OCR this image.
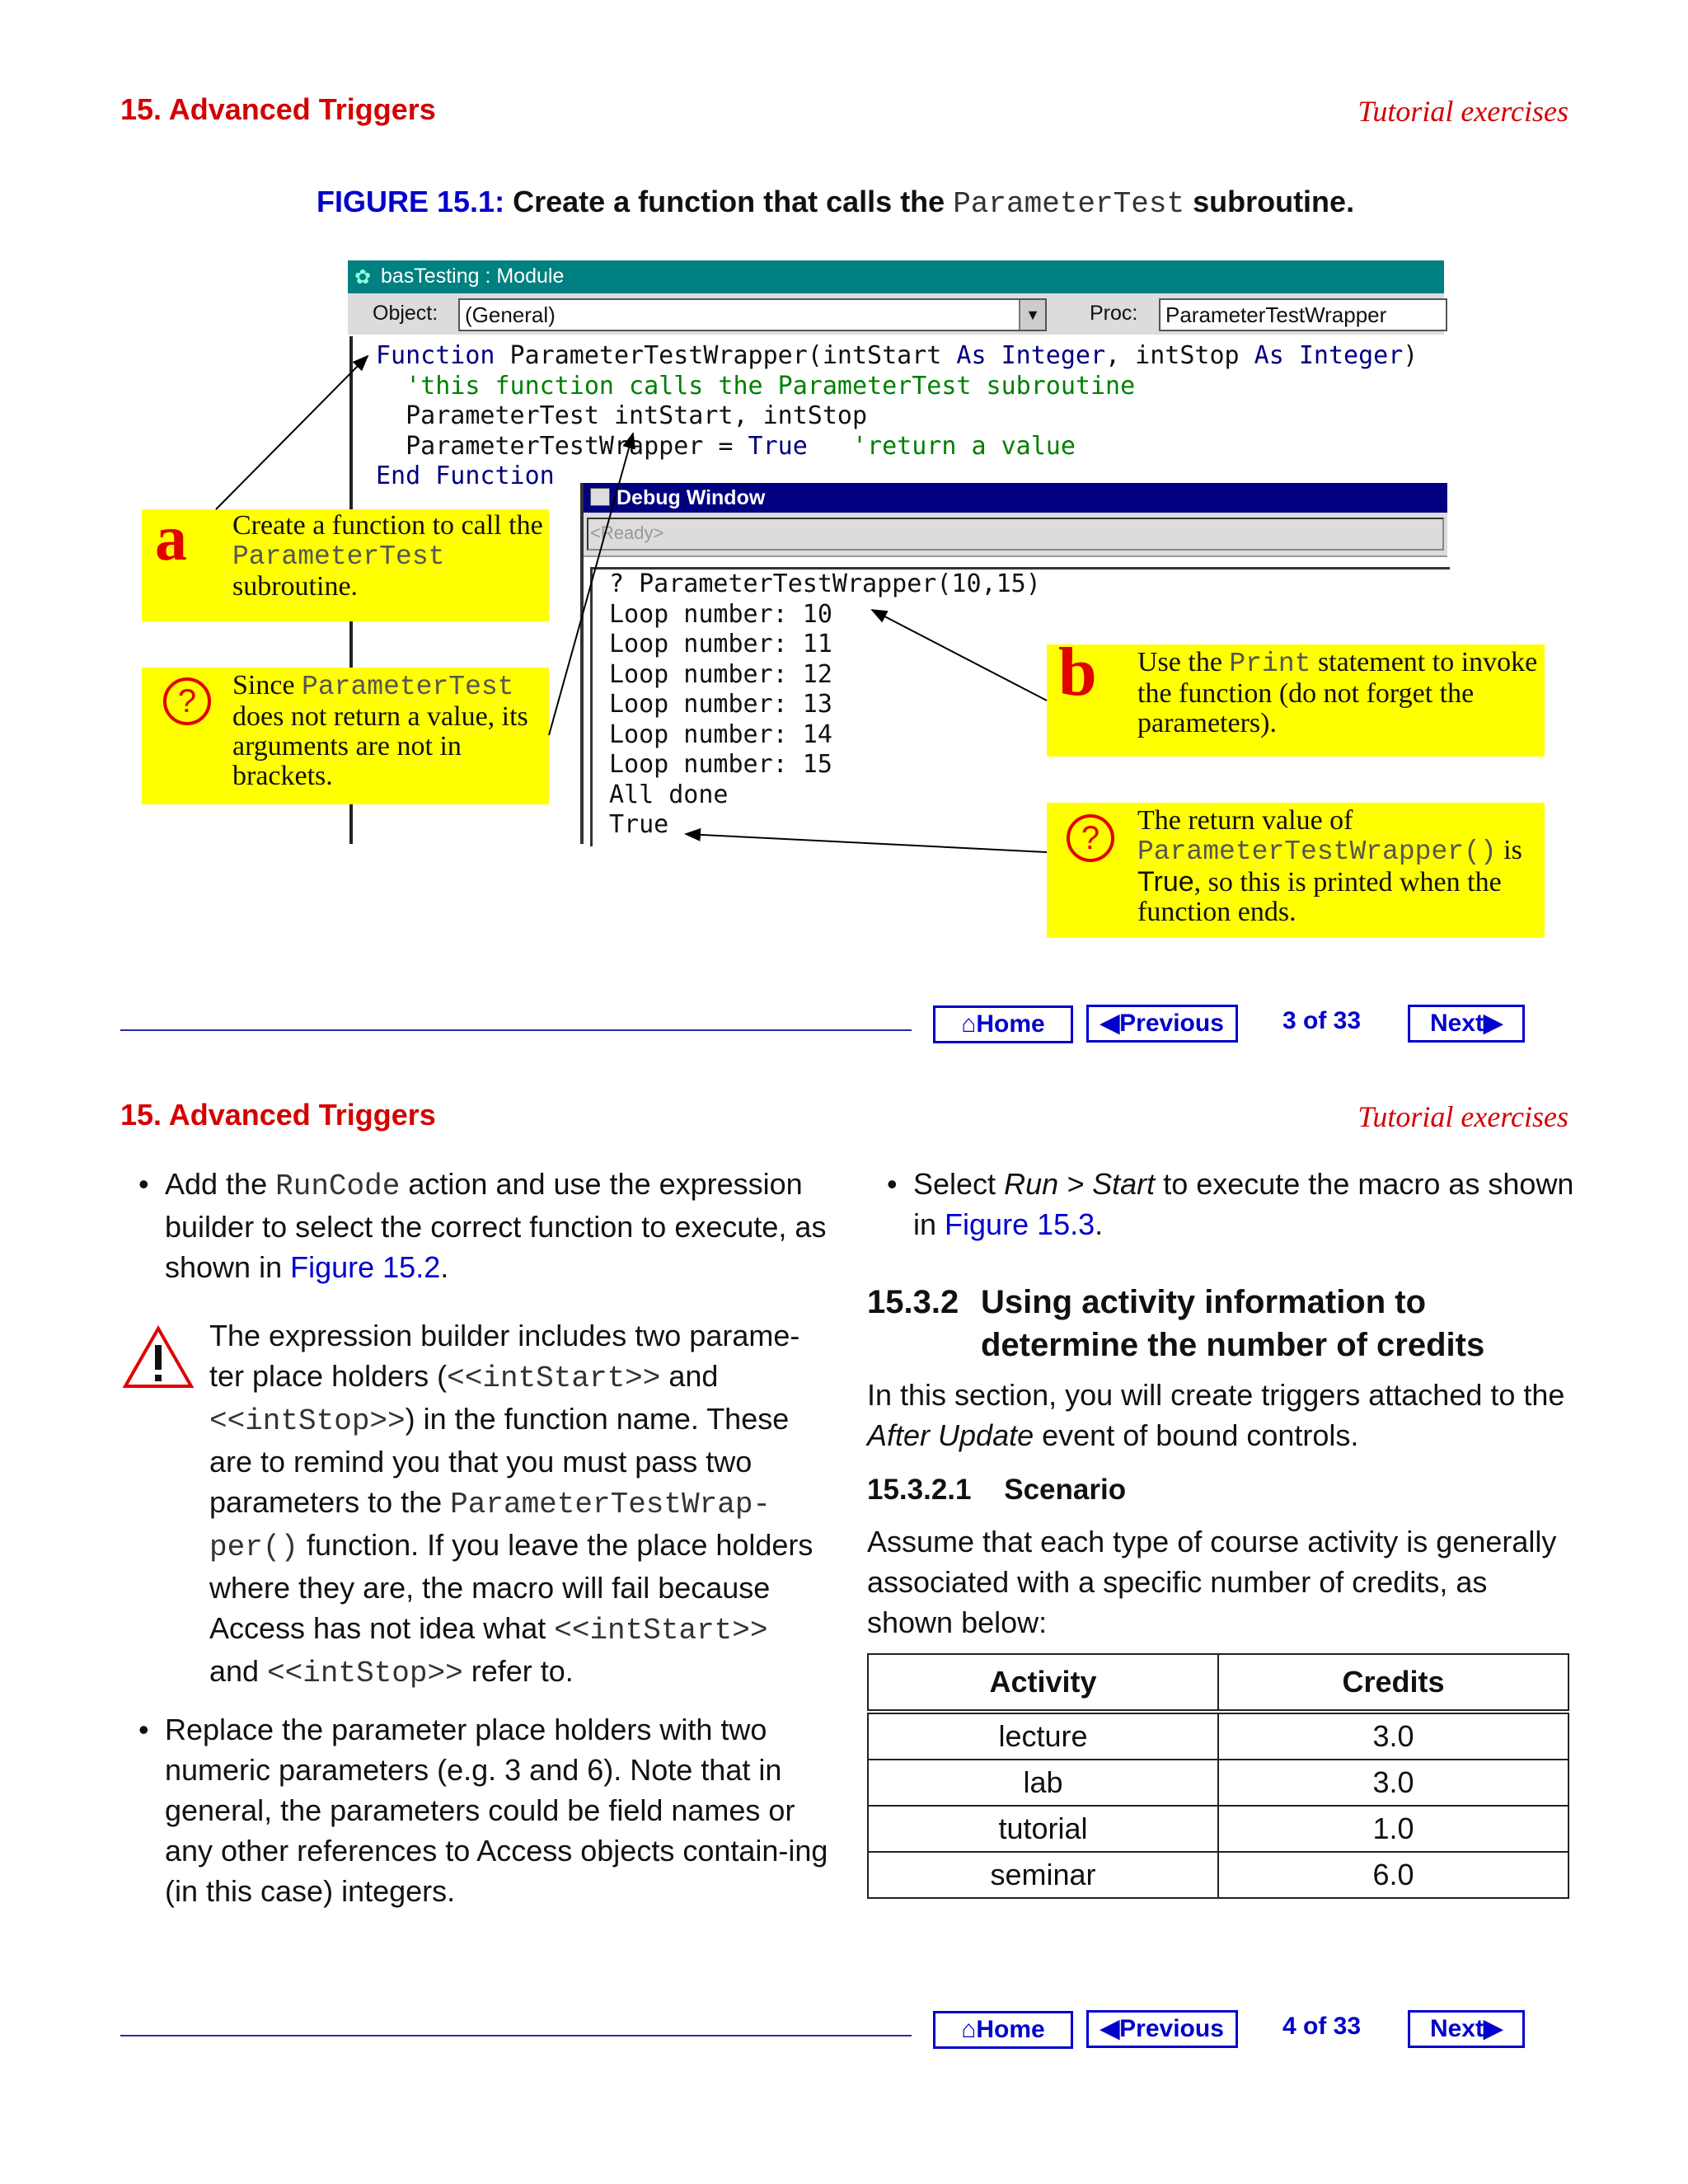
15. Advanced Triggers	Tutorial exercises
FIGURE 15.1: Create a function that calls the ParameterTest subroutine.
✿ basTesting : Module
Object: (General)	▼ Proc: ParameterTestWrapper
Function ParameterTestWrapper(intStart As Integer, intStop As Integer)
'this function calls the ParameterTest subroutine
ParameterTest intStart, intStop
ParameterTestWrapper = True   'return a value
End Function
Debug Window
<Ready>
? ParameterTestWrapper(10,15)
Loop number: 10
Loop number: 11
Loop number: 12
Loop number: 13
Loop number: 14
Loop number: 15
All done
True
a Create a function to call the ParameterTest subroutine.
?	Since ParameterTest does not return a value, its arguments are not in brackets.
b Use the Print statement to invoke the function (do not forget the parameters).
?	The return value of ParameterTestWrapper() is True, so this is printed when the function ends.
⌂Home	◀Previous	3 of 33	Next▶
15. Advanced Triggers	Tutorial exercises
• Add the RunCode action and use the expression builder to select the correct function to execute, as shown in Figure 15.2.
The expression builder includes two parame-ter place holders (<<intStart>> and <<intStop>>) in the function name. These are to remind you that you must pass two parameters to the ParameterTestWrap-per() function. If you leave the place holders where they are, the macro will fail because Access has not idea what <<intStart>> and <<intStop>> refer to.
• Replace the parameter place holders with two numeric parameters (e.g. 3 and 6). Note that in general, the parameters could be field names or any other references to Access objects contain-ing (in this case) integers.
• Select Run > Start to execute the macro as shown in Figure 15.3.
15.3.2 Using activity information to determine the number of credits
In this section, you will create triggers attached to the After Update event of bound controls.
15.3.2.1 Scenario
Assume that each type of course activity is generally associated with a specific number of credits, as shown below:
Activity	Credits
lecture	3.0
lab	3.0
tutorial	1.0
seminar	6.0
⌂Home	◀Previous	4 of 33	Next▶
